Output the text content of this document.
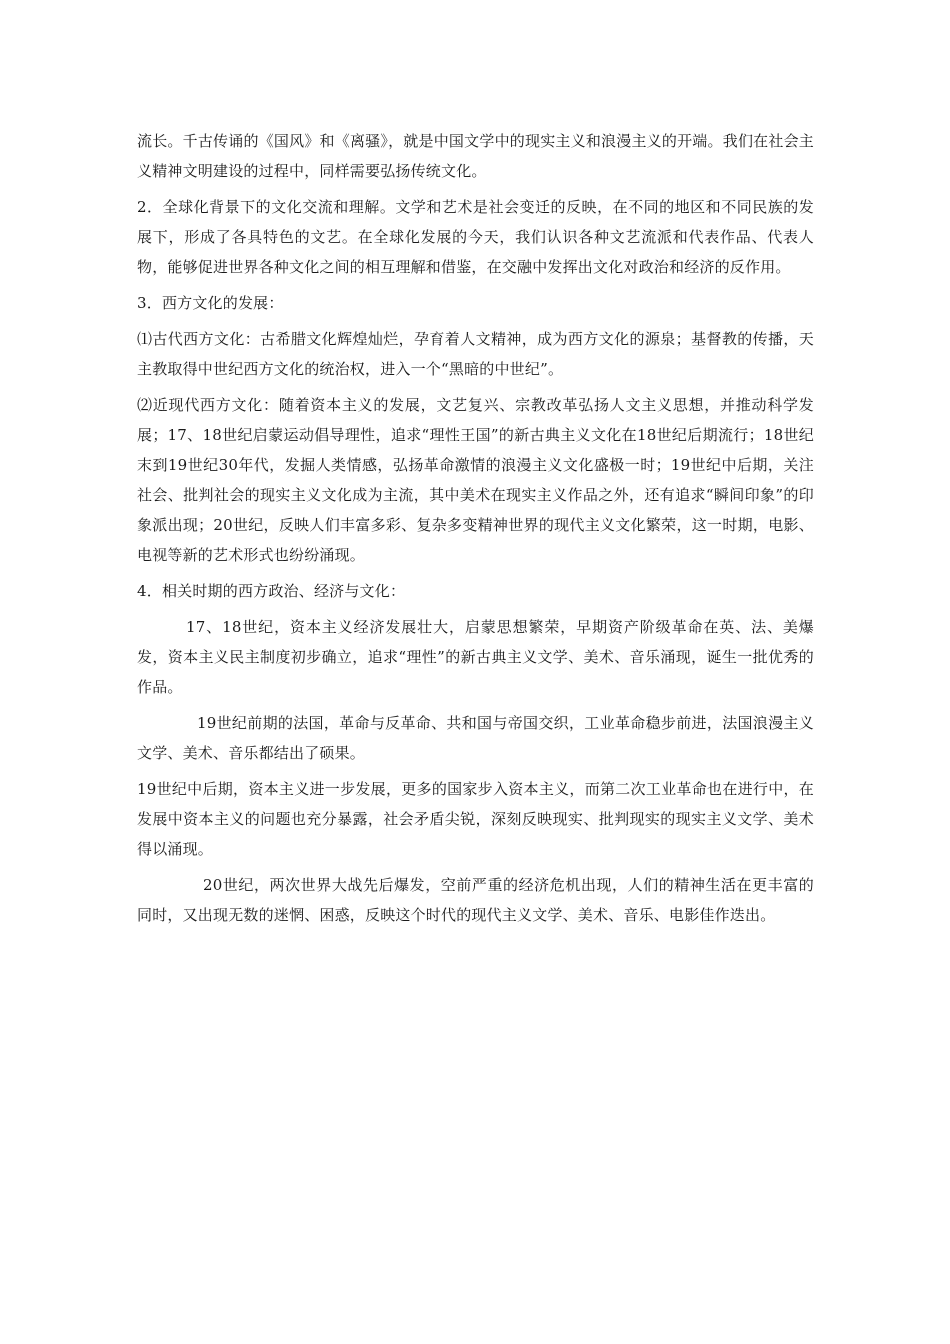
流长。千古传诵的《国风》和《离骚》，就是中国文学中的现实主义和浪漫主义的开端。我们在社会主义精神文明建设的过程中，同样需要弘扬传统文化。

2．全球化背景下的文化交流和理解。文学和艺术是社会变迁的反映，在不同的地区和不同民族的发展下，形成了各具特色的文艺。在全球化发展的今天，我们认识各种文艺流派和代表作品、代表人物，能够促进世界各种文化之间的相互理解和借鉴，在交融中发挥出文化对政治和经济的反作用。

3．西方文化的发展：

⑴古代西方文化：古希腊文化辉煌灿烂，孕育着人文精神，成为西方文化的源泉；基督教的传播，天主教取得中世纪西方文化的统治权，进入一个“黑暗的中世纪”。

⑵近现代西方文化：随着资本主义的发展，文艺复兴、宗教改革弘扬人文主义思想，并推动科学发展；17、18世纪启蒙运动倡导理性，追求“理性王国”的新古典主义文化在18世纪后期流行；18世纪末到19世纪30年代，发掘人类情感，弘扬革命激情的浪漫主义文化盛极一时；19世纪中后期，关注社会、批判社会的现实主义文化成为主流，其中美术在现实主义作品之外，还有追求“瞬间印象”的印象派出现；20世纪，反映人们丰富多彩、复杂多变精神世界的现代主义文化繁荣，这一时期，电影、电视等新的艺术形式也纷纷涌现。

4．相关时期的西方政治、经济与文化：

17、18世纪，资本主义经济发展壮大，启蒙思想繁荣，早期资产阶级革命在英、法、美爆发，资本主义民主制度初步确立，追求“理性”的新古典主义文学、美术、音乐涌现，诞生一批优秀的作品。

19世纪前期的法国，革命与反革命、共和国与帝国交织，工业革命稳步前进，法国浪漫主义文学、美术、音乐都结出了硕果。

19世纪中后期，资本主义进一步发展，更多的国家步入资本主义，而第二次工业革命也在进行中，在发展中资本主义的问题也充分暴露，社会矛盾尖锐，深刻反映现实、批判现实的现实主义文学、美术得以涌现。

20世纪，两次世界大战先后爆发，空前严重的经济危机出现，人们的精神生活在更丰富的同时，又出现无数的迷惘、困惑，反映这个时代的现代主义文学、美术、音乐、电影佳作迭出。
